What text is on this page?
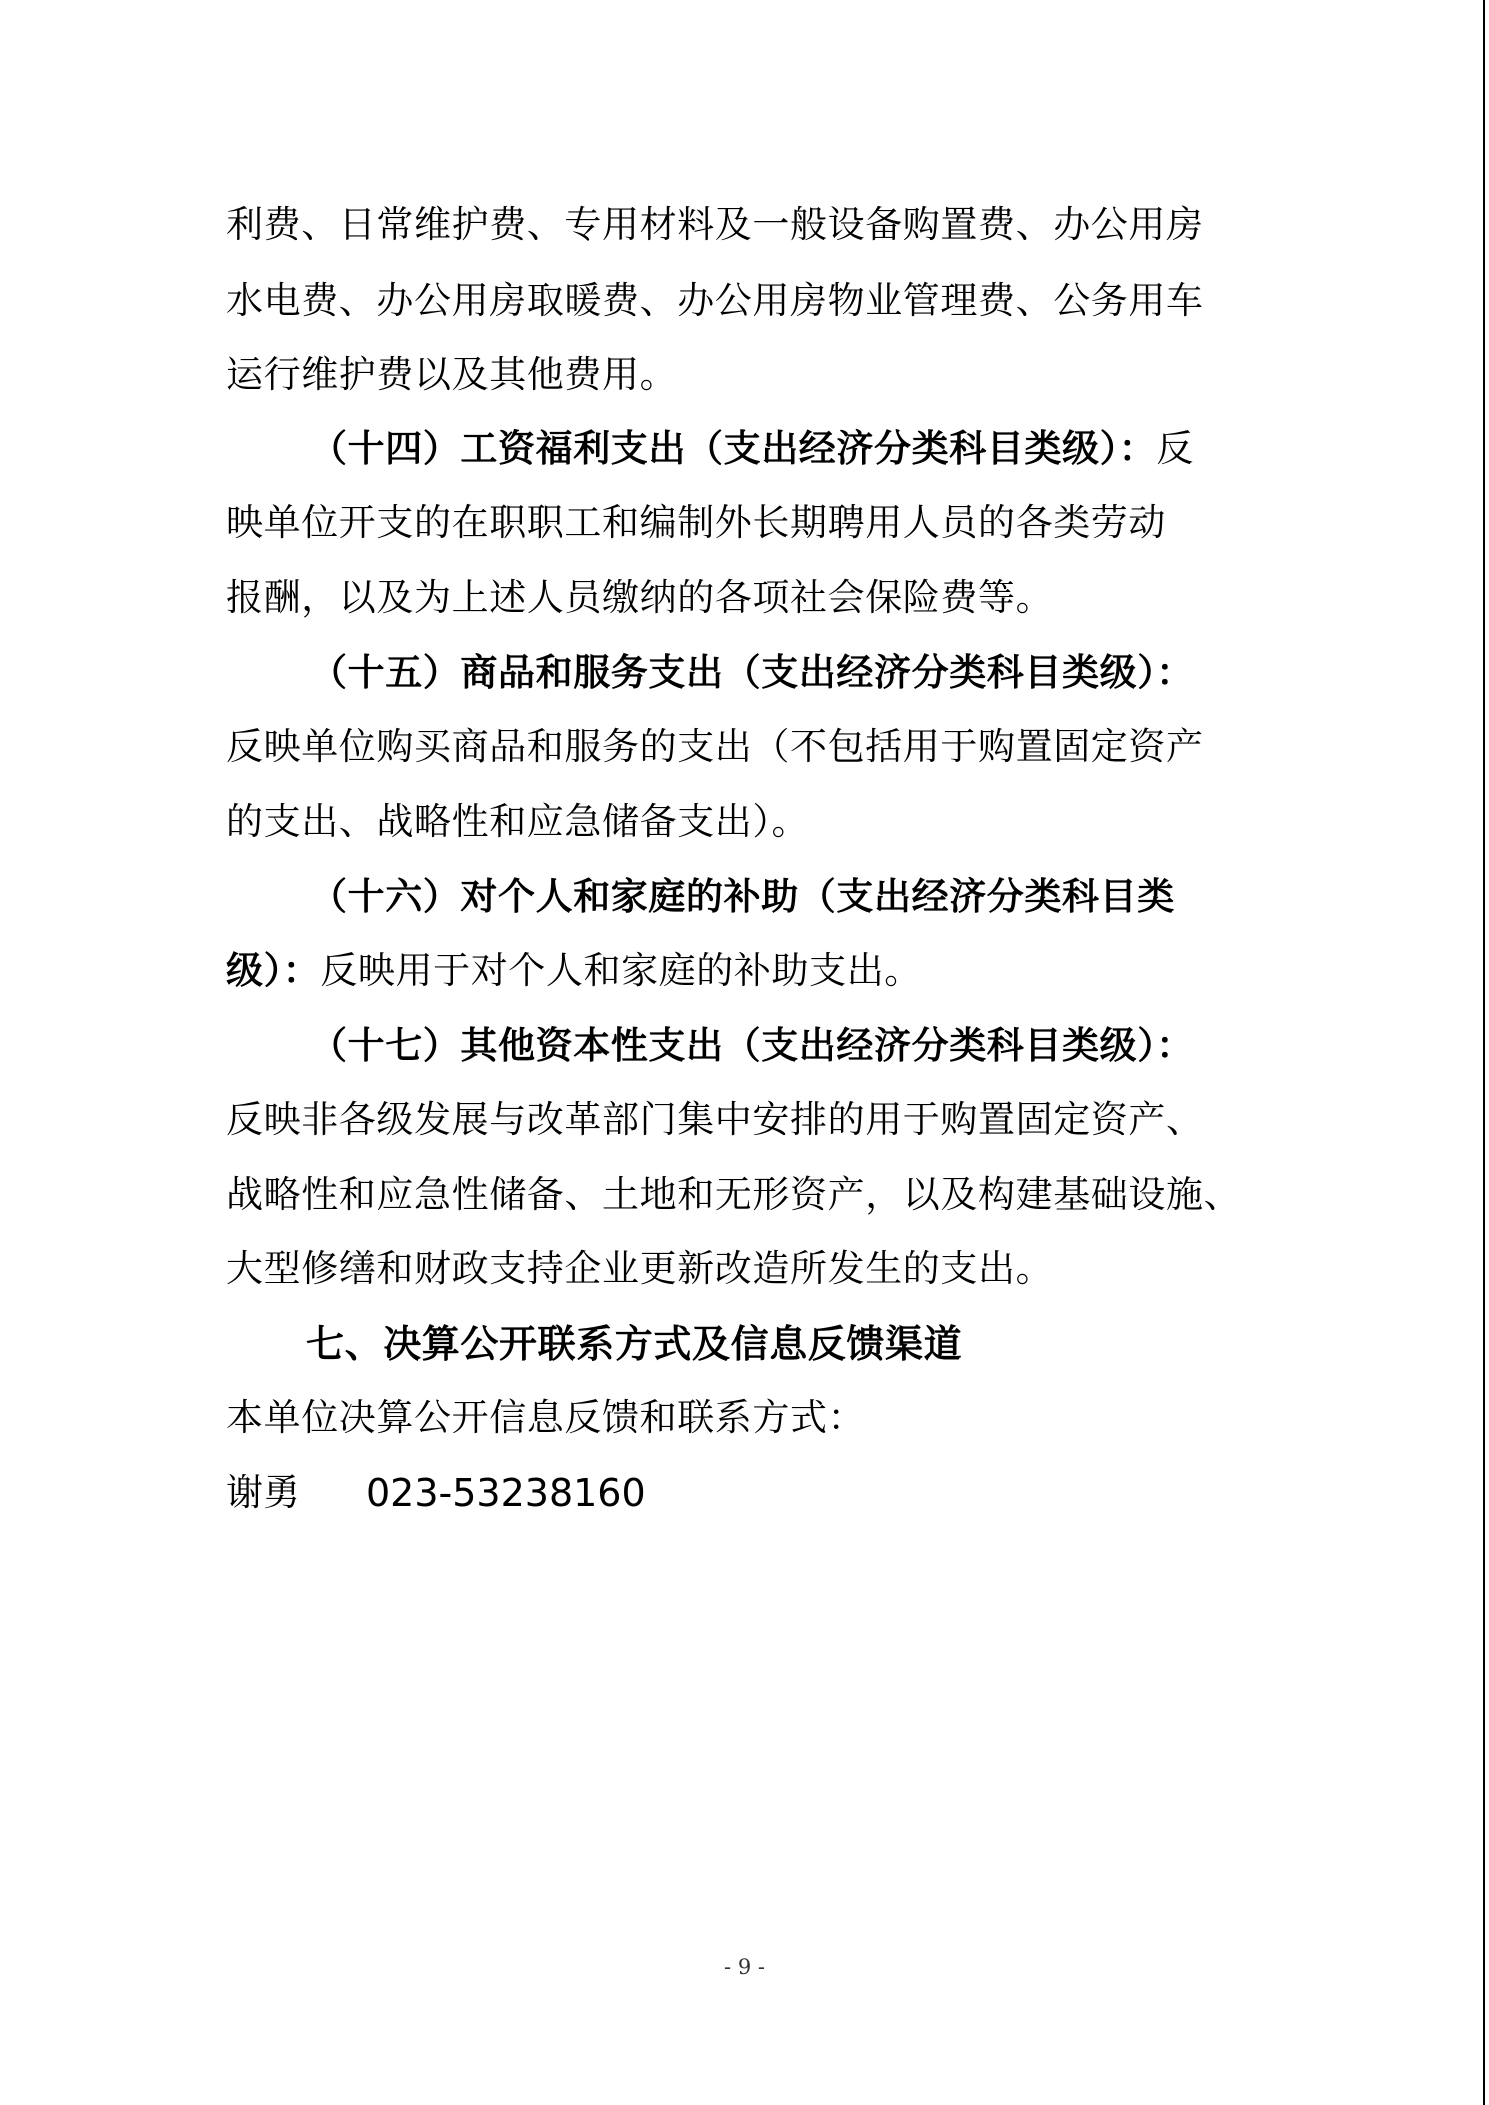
利费、日常维护费、专用材料及一般设备购置费、办公用房
水电费、办公用房取暖费、办公用房物业管理费、公务用车
运行维护费以及其他费用。
（十四）工资福利支出（支出经济分类科目类级）：反
映单位开支的在职职工和编制外长期聘用人员的各类劳动
报酬，以及为上述人员缴纳的各项社会保险费等。
（十五）商品和服务支出（支出经济分类科目类级）：
反映单位购买商品和服务的支出（不包括用于购置固定资产
的支出、战略性和应急储备支出）。
（十六）对个人和家庭的补助（支出经济分类科目类
级）：反映用于对个人和家庭的补助支出。
（十七）其他资本性支出（支出经济分类科目类级）：
反映非各级发展与改革部门集中安排的用于购置固定资产、
战略性和应急性储备、土地和无形资产，以及构建基础设施、
大型修缮和财政支持企业更新改造所发生的支出。
七、决算公开联系方式及信息反馈渠道
本单位决算公开信息反馈和联系方式：
谢勇 023-53238160
- 9 -
